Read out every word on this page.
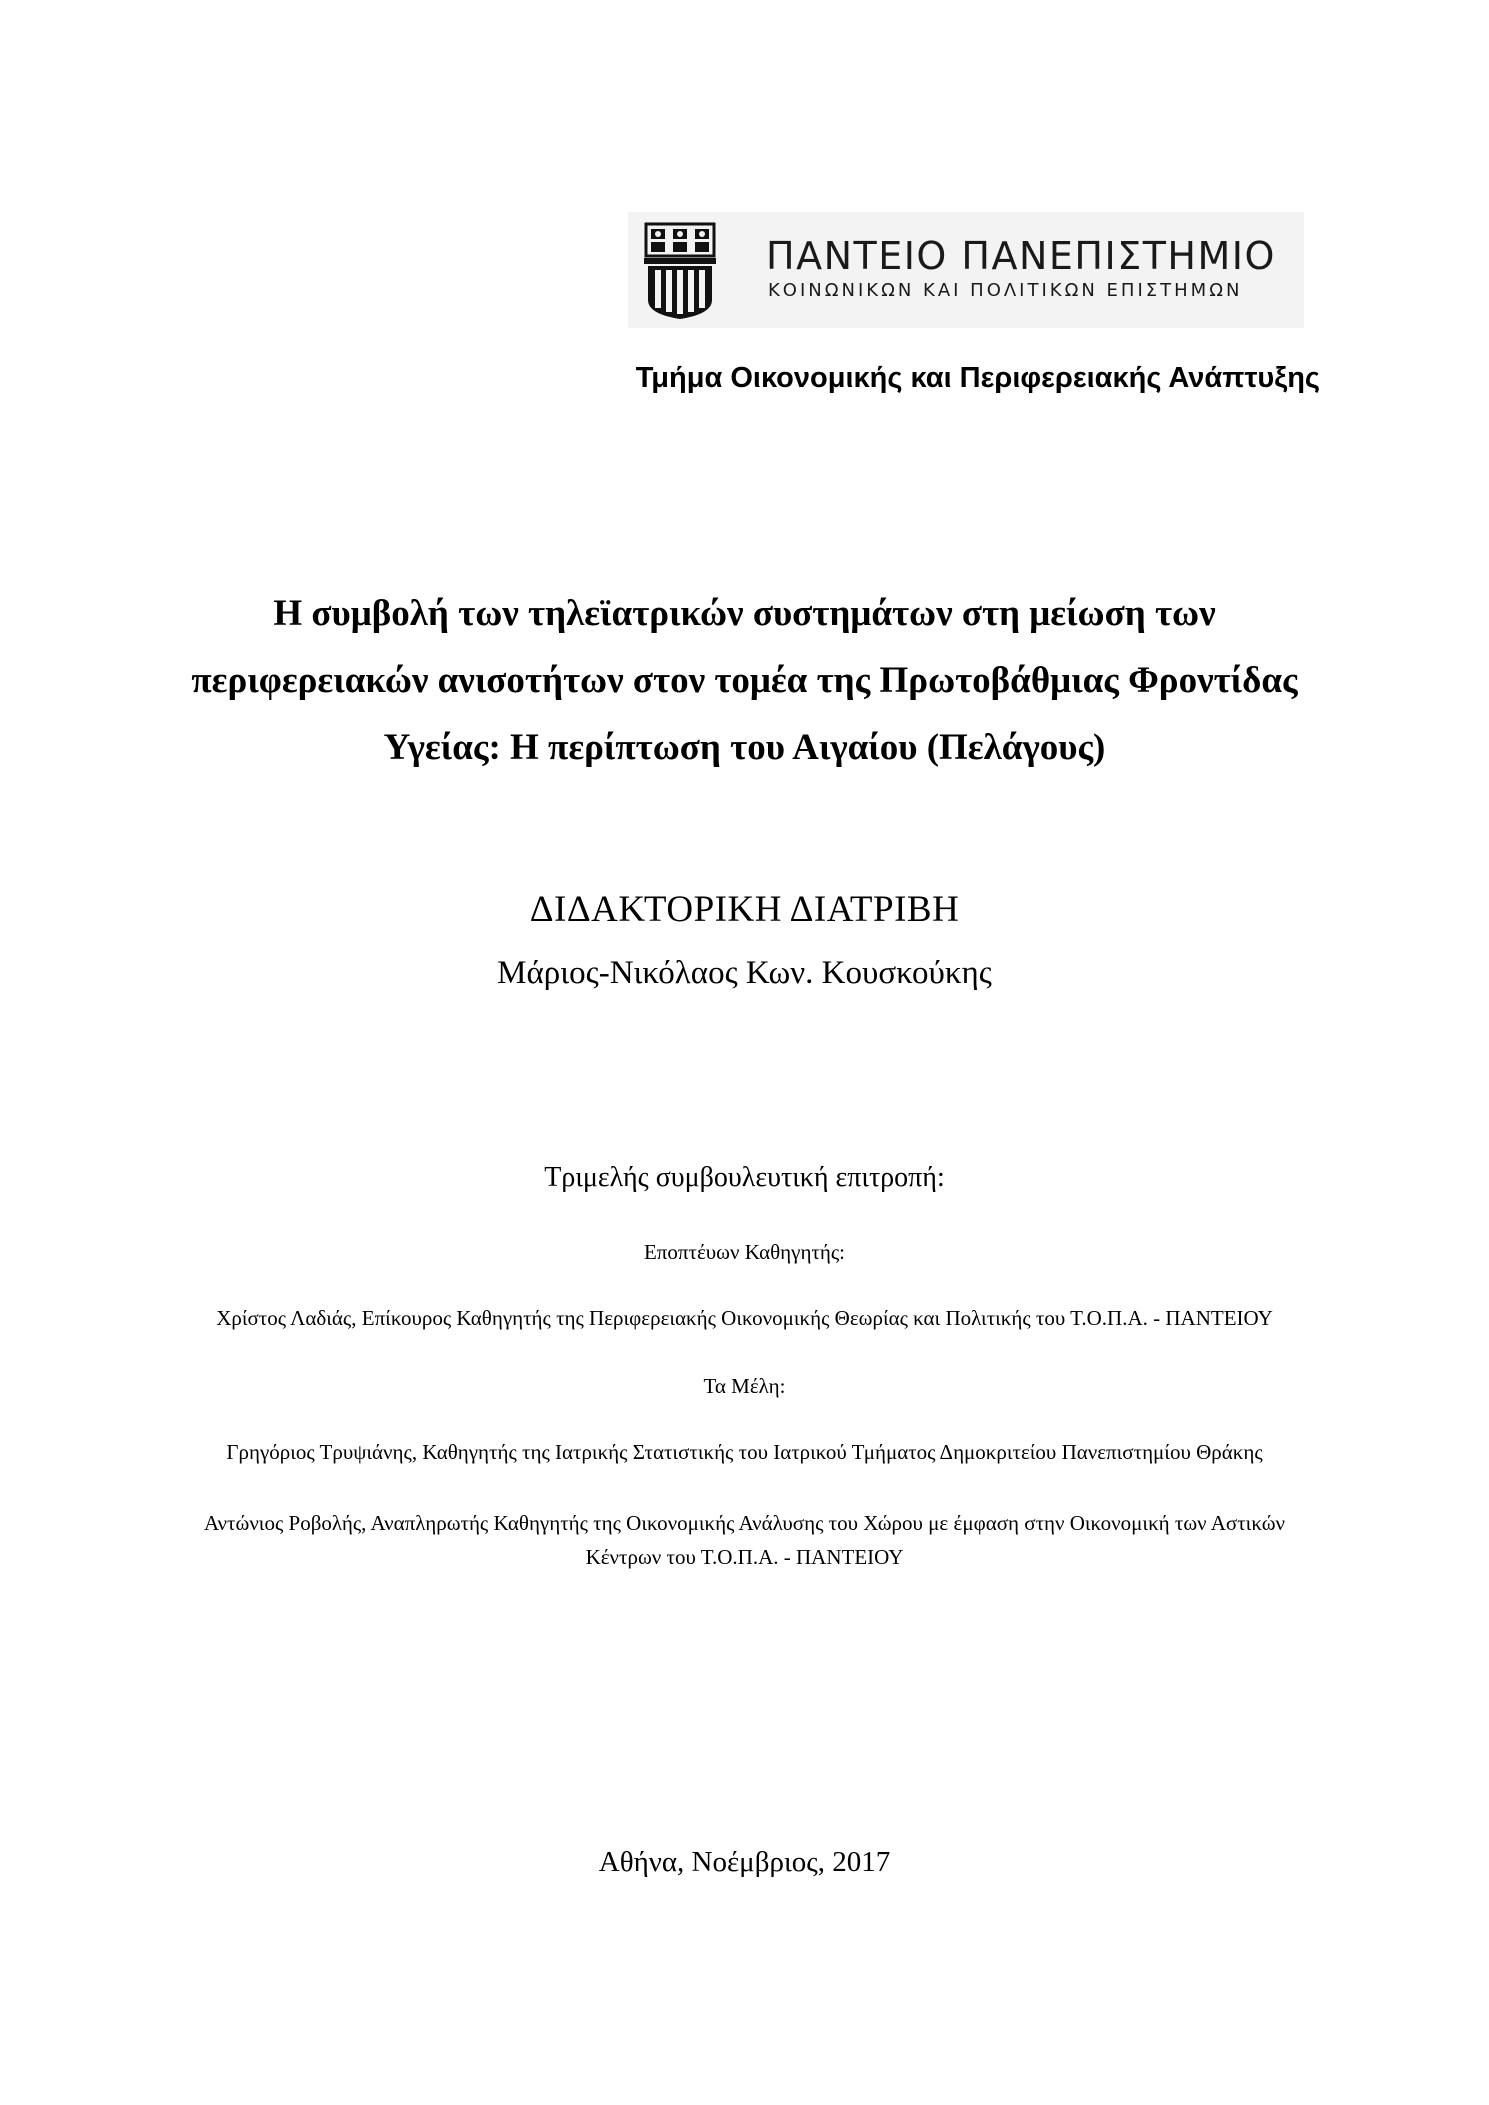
ΠΑΝΤΕΙΟ ΠΑΝΕΠΙΣΤΗΜΙΟ
ΚΟΙΝΩΝΙΚΩΝ ΚΑΙ ΠΟΛΙΤΙΚΩΝ ΕΠΙΣΤΗΜΩΝ
Τμήμα Οικονομικής και Περιφερειακής Ανάπτυξης
Η συμβολή των τηλεϊατρικών συστημάτων στη μείωση των
περιφερειακών ανισοτήτων στον τομέα της Πρωτοβάθμιας Φροντίδας
Υγείας: Η περίπτωση του Αιγαίου (Πελάγους)
ΔΙΔΑΚΤΟΡΙΚΗ ΔΙΑΤΡΙΒΗ
Μάριος-Νικόλαος Κων. Κουσκούκης
Τριμελής συμβουλευτική επιτροπή:
Εποπτέυων Καθηγητής:
Χρίστος Λαδιάς, Επίκουρος Καθηγητής της Περιφερειακής Οικονομικής Θεωρίας και Πολιτικής του Τ.Ο.Π.Α. - ΠΑΝΤΕΙΟΥ
Τα Μέλη:
Γρηγόριος Τρυψιάνης, Καθηγητής της Ιατρικής Στατιστικής του Ιατρικού Τμήματος Δημοκριτείου Πανεπιστημίου Θράκης
Αντώνιος Ροβολής, Αναπληρωτής Καθηγητής της Οικονομικής Ανάλυσης του Χώρου με έμφαση στην Οικονομική των Αστικών
Κέντρων του Τ.Ο.Π.Α. - ΠΑΝΤΕΙΟΥ
Αθήνα, Νοέμβριος, 2017
